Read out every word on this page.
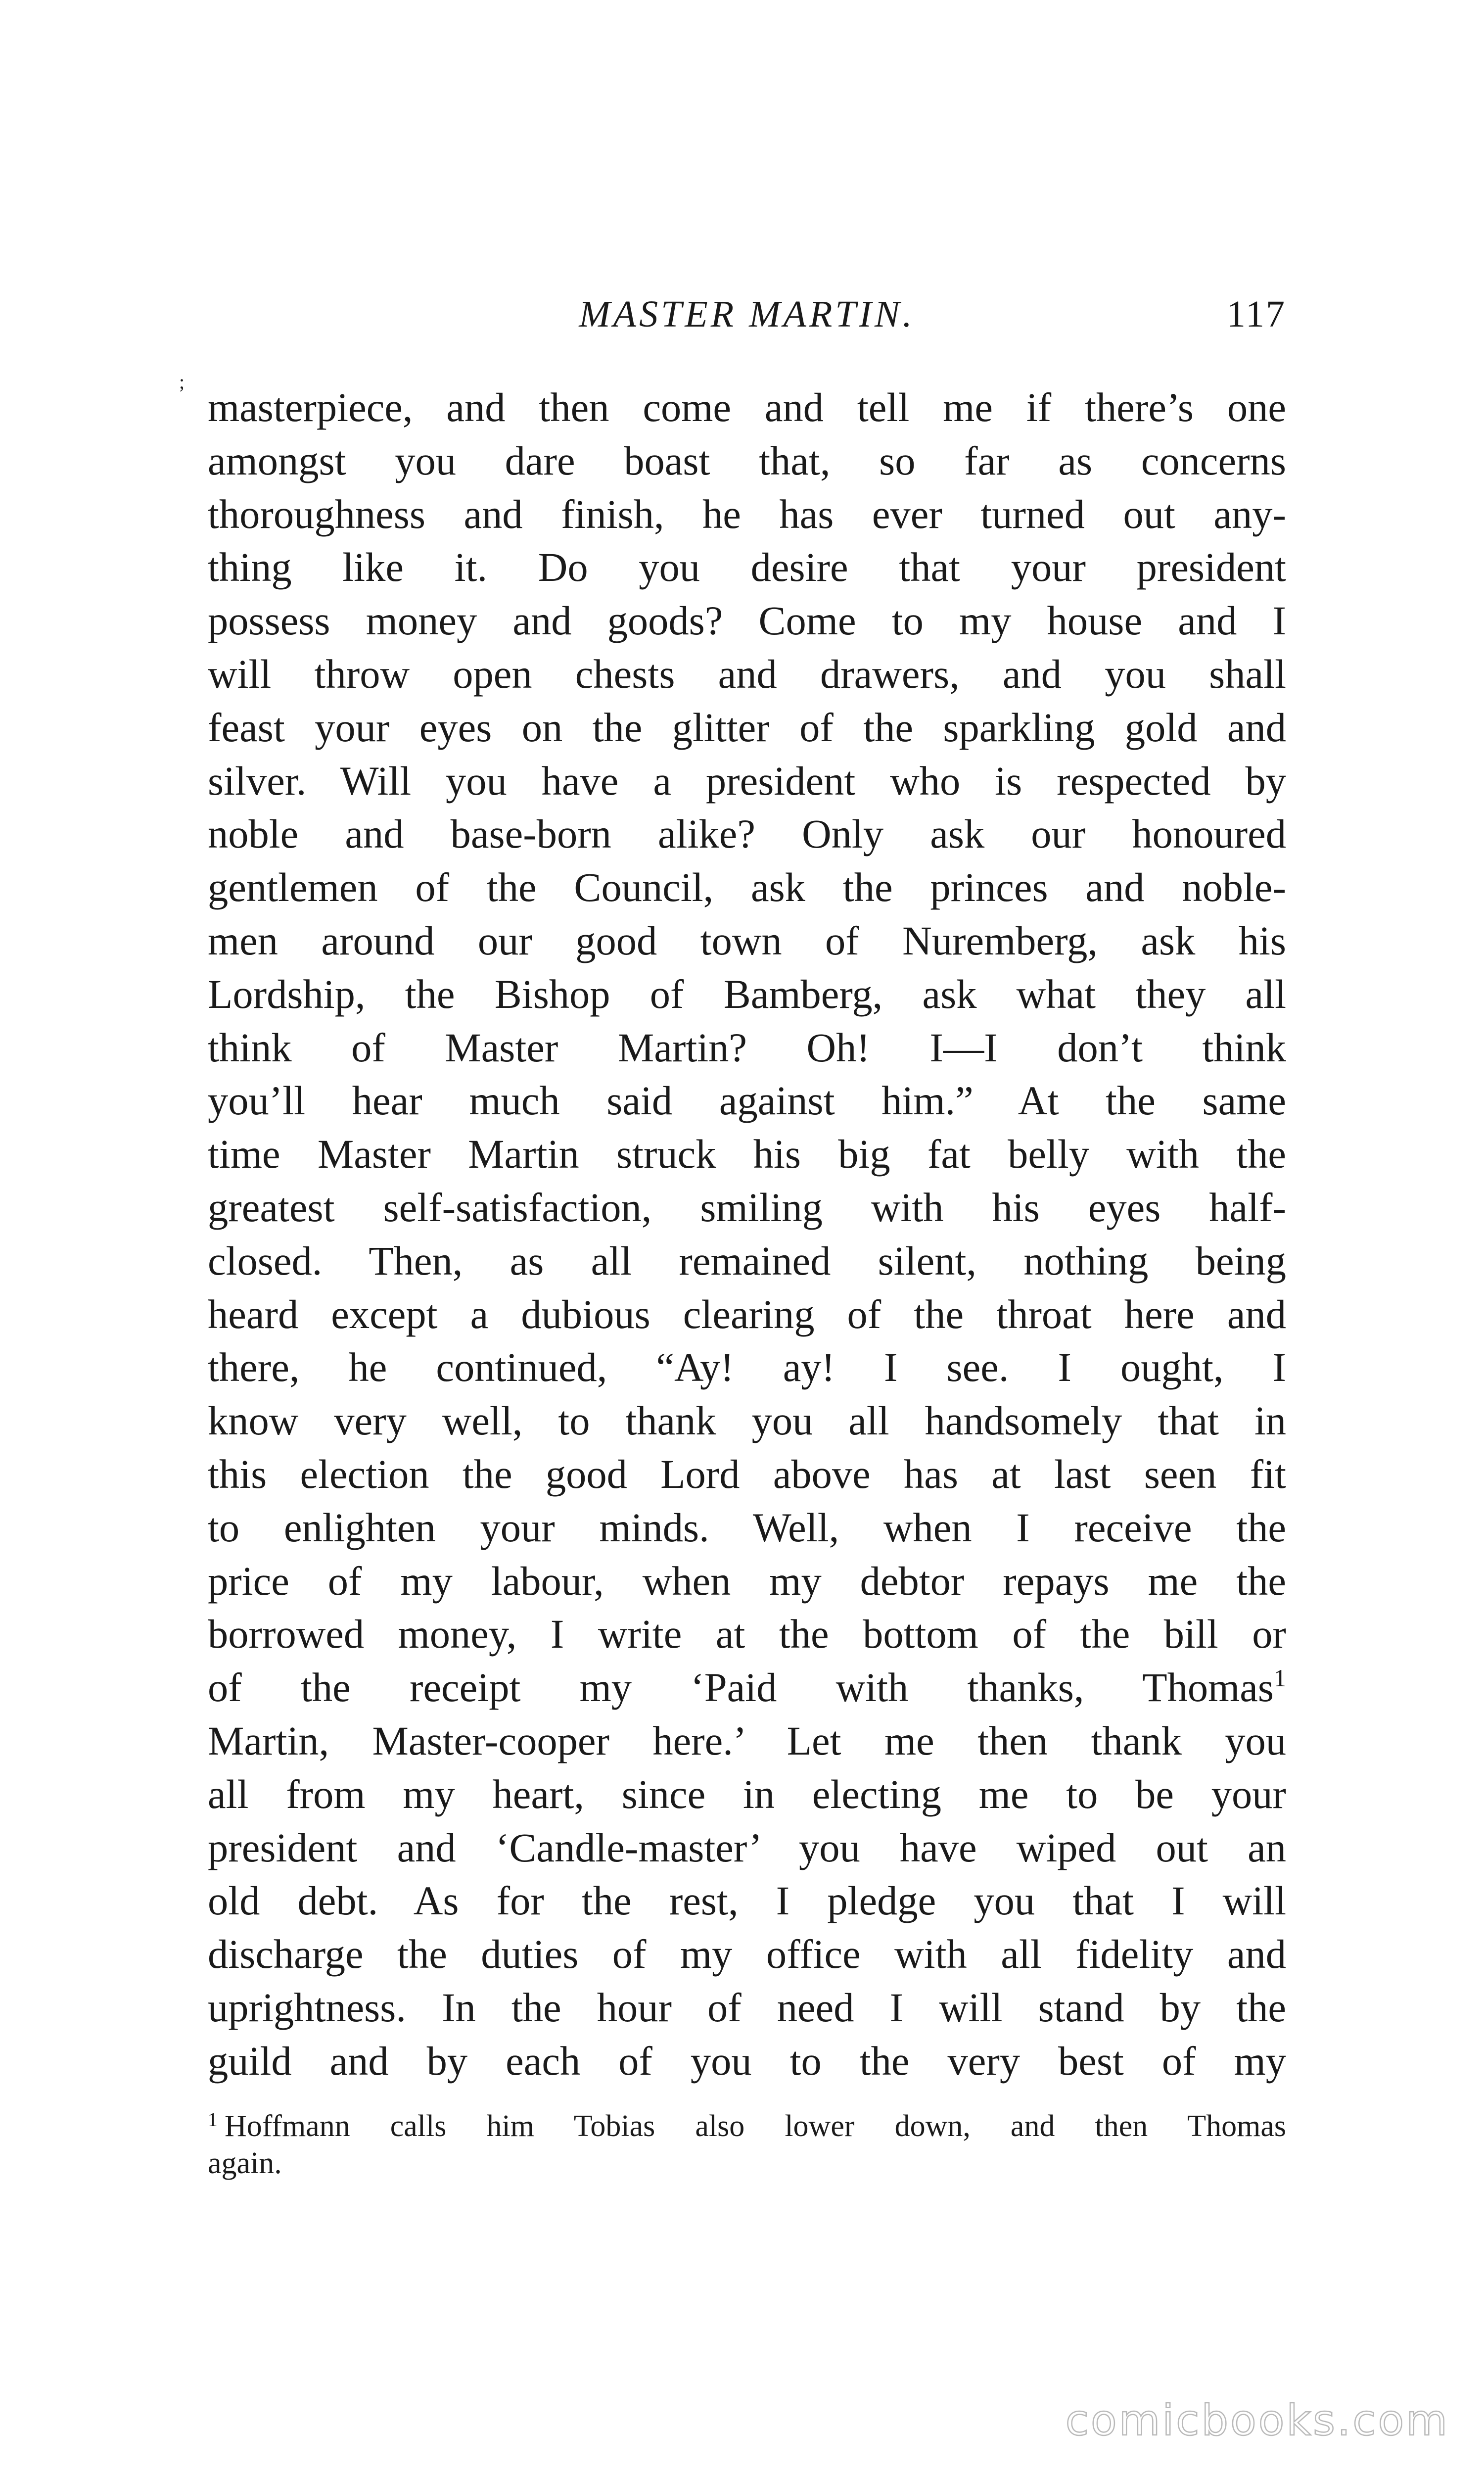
MASTER MARTIN.	117
;
masterpiece, and then come and tell me if there’s one
amongst you dare boast that, so far as concerns
thoroughness and finish, he has ever turned out any-
thing like it. Do you desire that your president
possess money and goods? Come to my house and I
will throw open chests and drawers, and you shall
feast your eyes on the glitter of the sparkling gold and
silver. Will you have a president who is respected by
noble and base-born alike? Only ask our honoured
gentlemen of the Council, ask the princes and noble-
men around our good town of Nuremberg, ask his
Lordship, the Bishop of Bamberg, ask what they all
think of Master Martin? Oh! I—I don’t think
you’ll hear much said against him.” At the same
time Master Martin struck his big fat belly with the
greatest self-satisfaction, smiling with his eyes half-
closed. Then, as all remained silent, nothing being
heard except a dubious clearing of the throat here and
there, he continued, “Ay! ay! I see. I ought, I
know very well, to thank you all handsomely that in
this election the good Lord above has at last seen fit
to enlighten your minds. Well, when I receive the
price of my labour, when my debtor repays me the
borrowed money, I write at the bottom of the bill or
of the receipt my ‘Paid with thanks, Thomas$^1$
Martin, Master-cooper here.’ Let me then thank you
all from my heart, since in electing me to be your
president and ‘Candle-master’ you have wiped out an
old debt. As for the rest, I pledge you that I will
discharge the duties of my office with all fidelity and
uprightness. In the hour of need I will stand by the
guild and by each of you to the very best of my
$^1$ Hoffmann calls him Tobias also lower down, and then Thomas
again.
comicbooks.com
